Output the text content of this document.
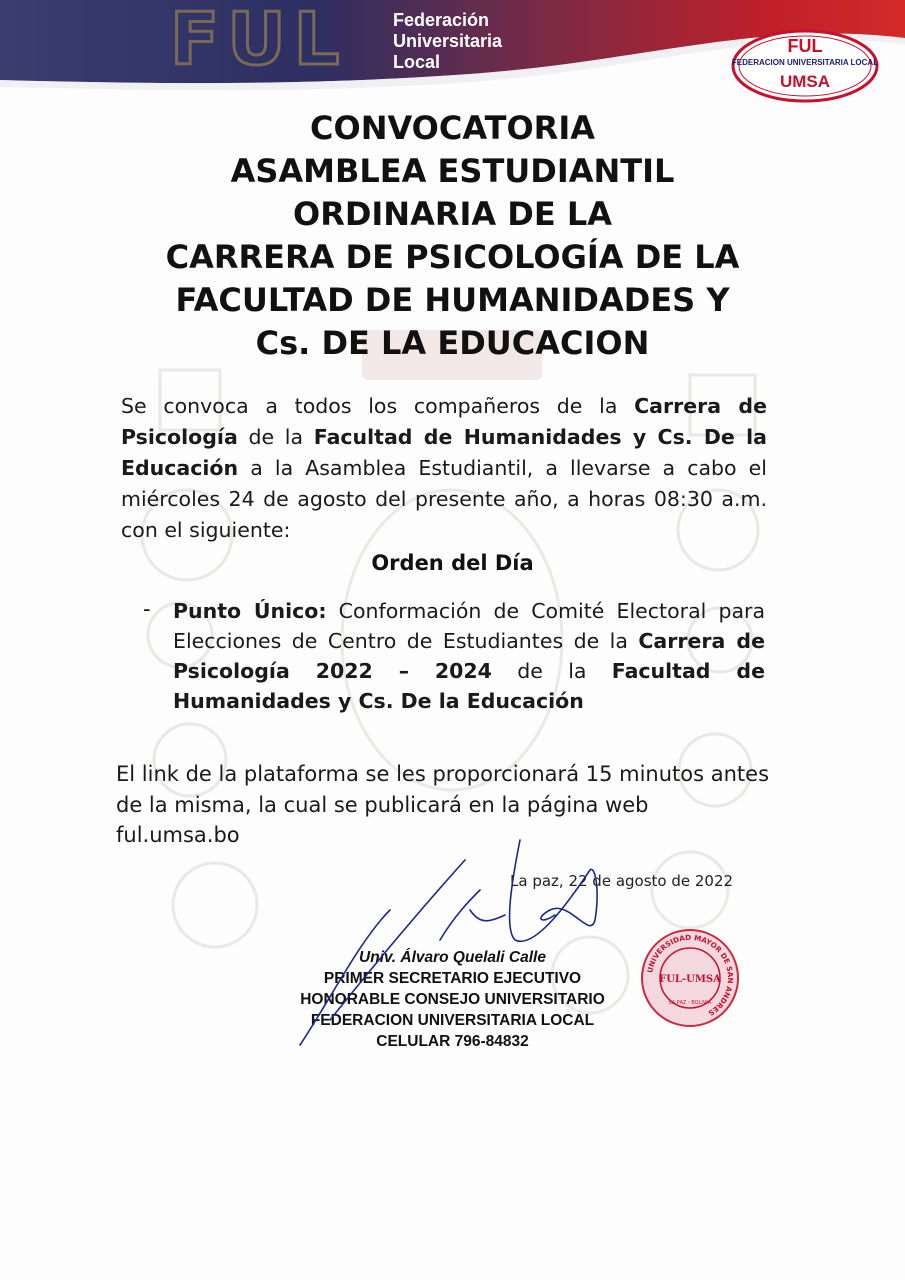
F U L	Federación
Universitaria
Local
FUL
FEDERACION UNIVERSITARIA LOCAL
UMSA
CONVOCATORIA
ASAMBLEA ESTUDIANTIL
ORDINARIA DE LA
CARRERA DE PSICOLOGÍA DE LA
FACULTAD DE HUMANIDADES Y
Cs. DE LA EDUCACION
Se convoca a todos los compañeros de la Carrera de Psicología de la Facultad de Humanidades y Cs. De la Educación a la Asamblea Estudiantil, a llevarse a cabo el miércoles 24 de agosto del presente año, a horas 08:30 a.m. con el siguiente:
Orden del Día
- Punto Único: Conformación de Comité Electoral para Elecciones de Centro de Estudiantes de la Carrera de Psicología 2022 – 2024 de la Facultad de Humanidades y Cs. De la Educación
El link de la plataforma se les proporcionará 15 minutos antes de la misma, la cual se publicará en la página web ful.umsa.bo
La paz, 22 de agosto de 2022
Univ. Álvaro Quelali Calle
PRIMER SECRETARIO EJECUTIVO
HONORABLE CONSEJO UNIVERSITARIO
FEDERACION UNIVERSITARIA LOCAL
CELULAR 796-84832
UNIVERSIDAD MAYOR DE SAN ANDRES
FUL-UMSA
LA PAZ - BOLIVIA
